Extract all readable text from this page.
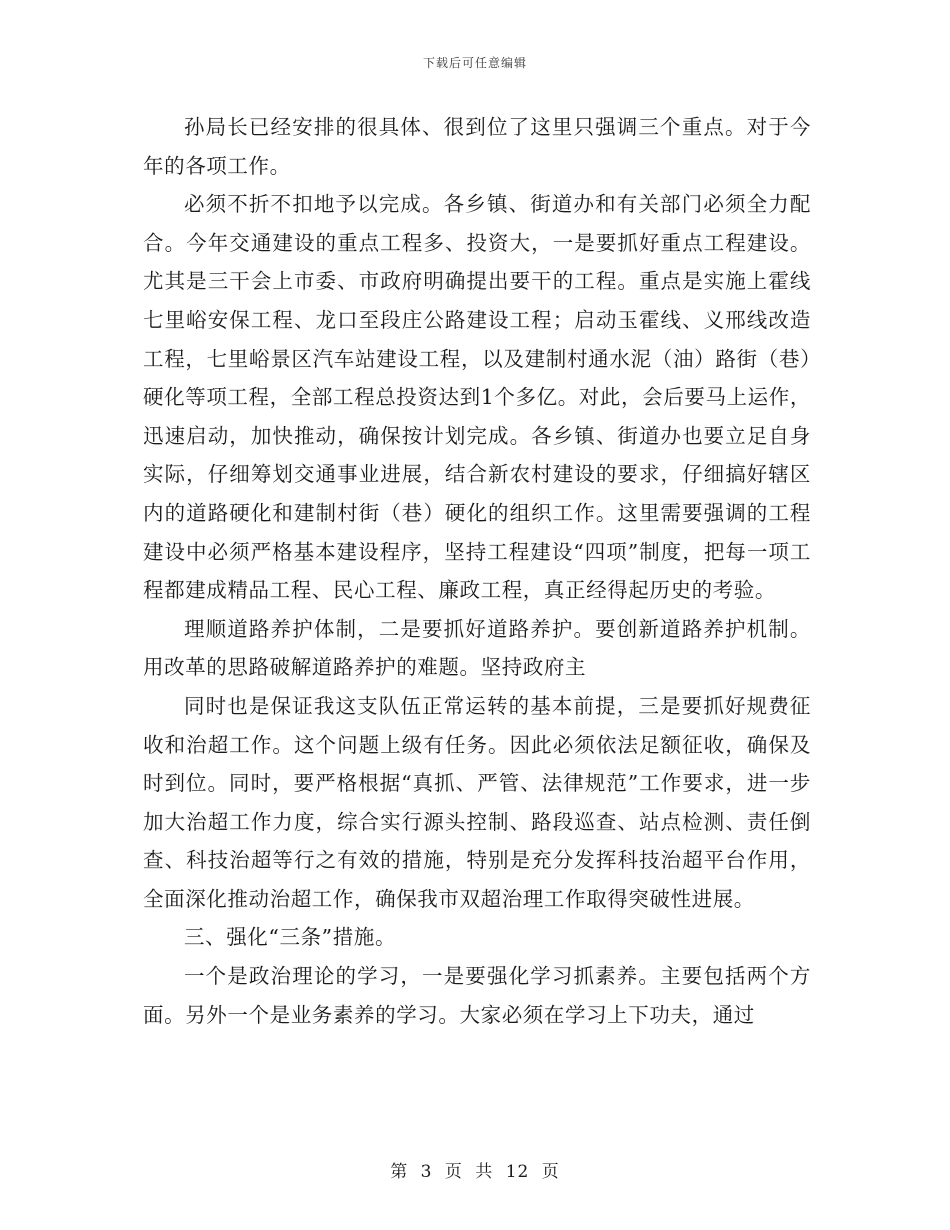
下载后可任意编辑

孙局长已经安排的很具体、很到位了这里只强调三个重点。对于今年的各项工作。

必须不折不扣地予以完成。各乡镇、街道办和有关部门必须全力配合。今年交通建设的重点工程多、投资大，一是要抓好重点工程建设。尤其是三干会上市委、市政府明确提出要干的工程。重点是实施上霍线七里峪安保工程、龙口至段庄公路建设工程；启动玉霍线、义邢线改造工程，七里峪景区汽车站建设工程，以及建制村通水泥（油）路街（巷）硬化等项工程，全部工程总投资达到1个多亿。对此，会后要马上运作，迅速启动，加快推动，确保按计划完成。各乡镇、街道办也要立足自身实际，仔细筹划交通事业进展，结合新农村建设的要求，仔细搞好辖区内的道路硬化和建制村街（巷）硬化的组织工作。这里需要强调的工程建设中必须严格基本建设程序，坚持工程建设“四项”制度，把每一项工程都建成精品工程、民心工程、廉政工程，真正经得起历史的考验。

理顺道路养护体制，二是要抓好道路养护。要创新道路养护机制。用改革的思路破解道路养护的难题。坚持政府主

同时也是保证我这支队伍正常运转的基本前提，三是要抓好规费征收和治超工作。这个问题上级有任务。因此必须依法足额征收，确保及时到位。同时，要严格根据“真抓、严管、法律规范”工作要求，进一步加大治超工作力度，综合实行源头控制、路段巡查、站点检测、责任倒查、科技治超等行之有效的措施，特别是充分发挥科技治超平台作用，全面深化推动治超工作，确保我市双超治理工作取得突破性进展。

三、强化“三条”措施。

一个是政治理论的学习，一是要强化学习抓素养。主要包括两个方面。另外一个是业务素养的学习。大家必须在学习上下功夫，通过

第 3 页 共 12 页
